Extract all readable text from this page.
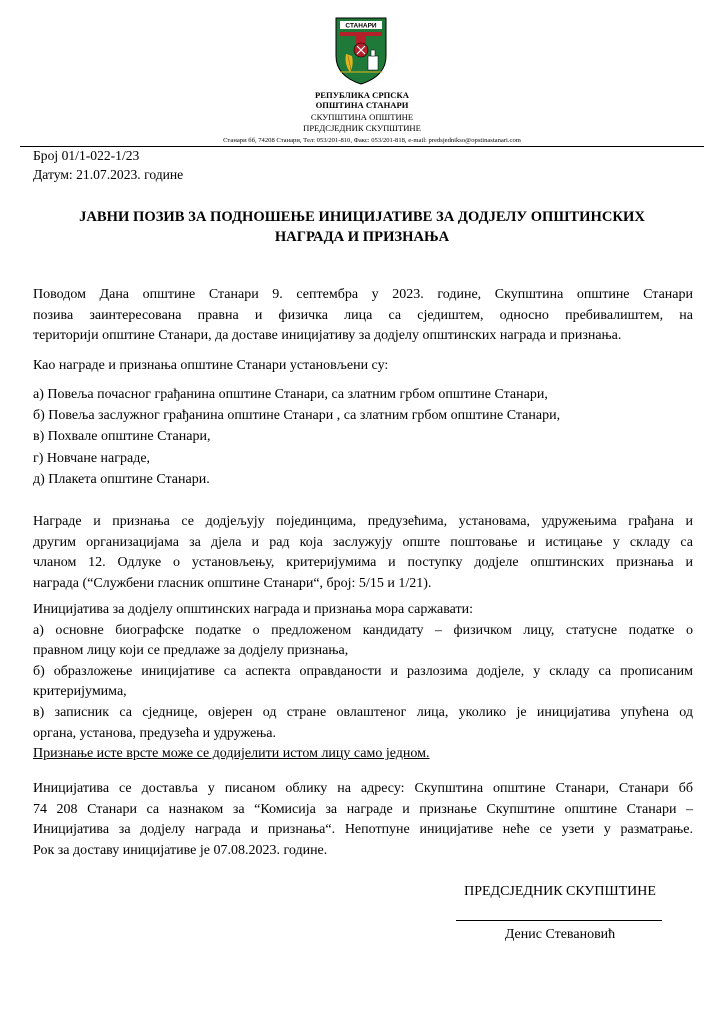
СТАНАРИ
РЕПУБЛИКА СРПСКА
ОПШТИНА СТАНАРИ
СКУПШТИНА ОПШТИНЕ
ПРЕДСЈЕДНИК СКУПШТИНЕ
Станари бб, 74208 Станари, Тел: 053/201-810, Факс: 053/201-818, e-mail: predsjedniksо@opstinastanari.com
Број 01/1-022-1/23
Датум: 21.07.2023. године
ЈАВНИ ПОЗИВ ЗА ПОДНОШЕЊЕ ИНИЦИЈАТИВЕ ЗА ДОДЈЕЛУ ОПШТИНСКИХ
НАГРАДА И ПРИЗНАЊА
Поводом Дана општине Станари 9. септембра у 2023. године, Скупштина општине Станари
позива заинтересована правна и физичка лица са сједиштем, односно пребивалиштем, на
територији општине Станари, да доставе иницијативу за додјелу општинских награда и признања.
Као награде и признања општине Станари установљени су:
а) Повеља почасног грађанина општине Станари, са златним грбом општине Станари,
б) Повеља заслужног грађанина општине Станари , са златним грбом општине Станари,
в) Похвале општине Станари,
г) Новчане награде,
д) Плакета општине Станари.
Награде и признања се додјељују појединцима, предузећима, установама, удружењима грађана и
другим организацијама за дјела и рад која заслужују опште поштовање и истицање у складу са
чланом 12. Одлуке о установљењу, критеријумима и поступку додјеле општинских признања и
награда (“Службени гласник општине Станари“, број: 5/15 и 1/21).
Иницијатива за додјелу општинских награда и признања мора саржавати:
а) основне биографске податке о предложеном кандидату – физичком лицу, статусне податке о
правном лицу који се предлаже за додјелу признања,
б) образложење иницијативе са аспекта оправданости и разлозима додјеле, у складу са прописаним
критеријумима,
в) записник са сједнице, овјерен од стране овлаштеног лица, уколико је иницијатива упућена од
органа, установа, предузећа и удружења.
Признање исте врсте може се додијелити истом лицу само једном.
Иницијатива се доставља у писаном облику на адресу: Скупштина општине Станари, Станари бб
74 208 Станари са назнаком за “Комисија за награде и признање Скупштине општине Станари –
Иницијатива за додјелу награда и признања“. Непотпуне иницијативе неће се узети у разматрање.
Рок за доставу иницијативе је 07.08.2023. године.
ПРЕДСЈЕДНИК СКУПШТИНЕ
Денис Стевановић
